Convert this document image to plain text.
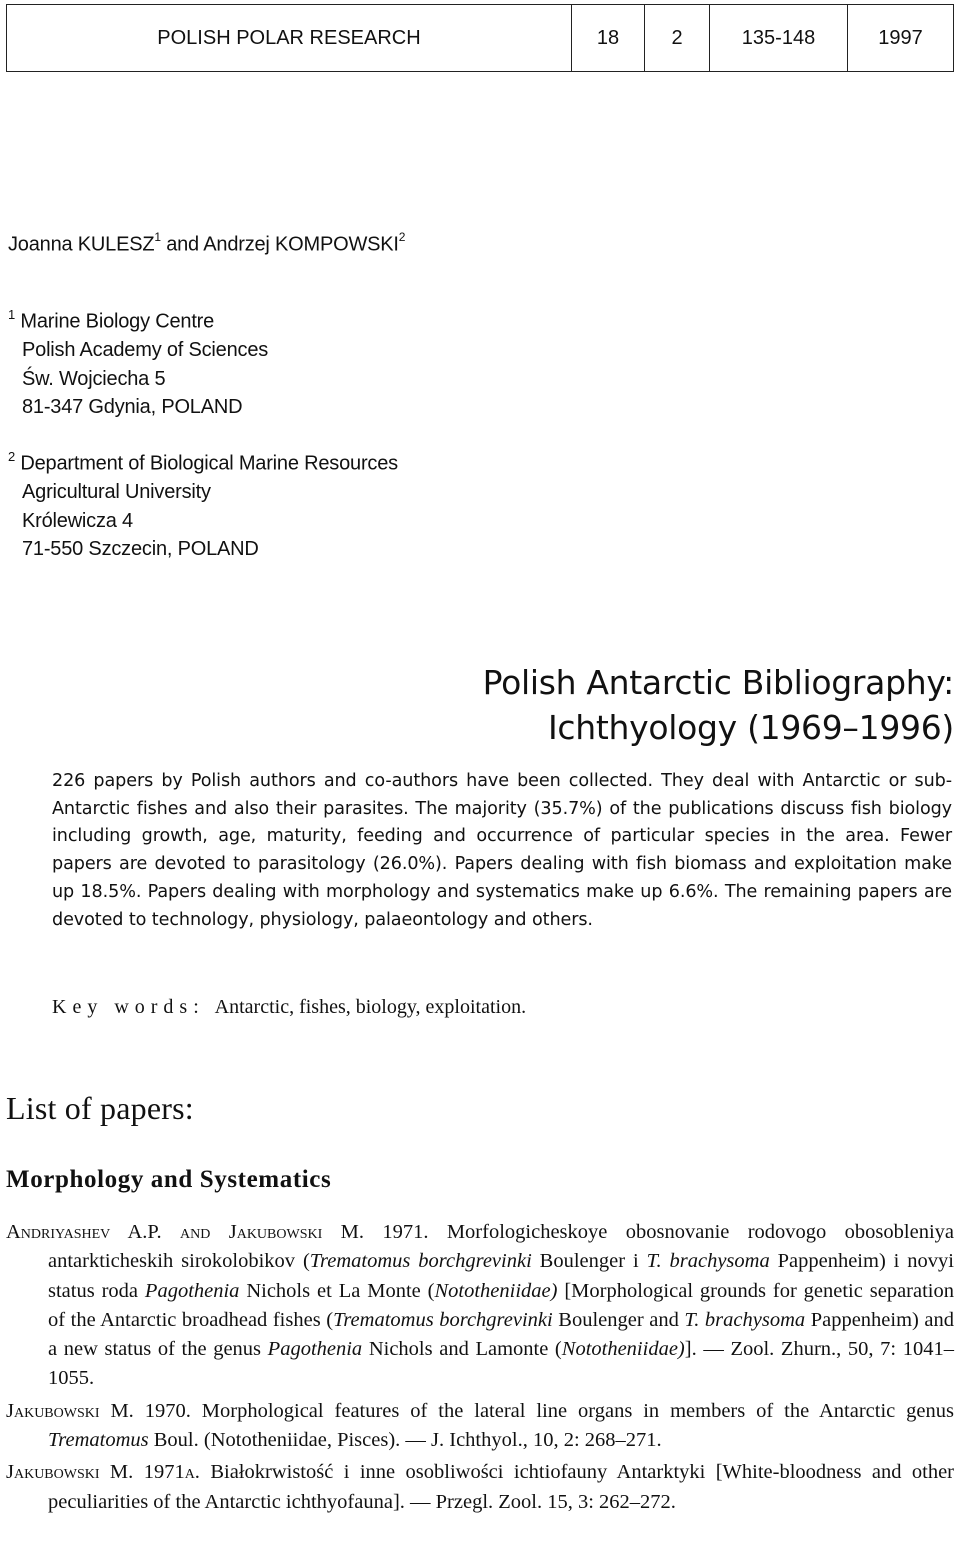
POLISH POLAR RESEARCH	18	2	135-148	1997
Joanna KULESZ$^1$ and Andrzej KOMPOWSKI$^2$
$^1$ Marine Biology Centre
Polish Academy of Sciences
Św. Wojciecha 5
81-347 Gdynia, POLAND
$^2$ Department of Biological Marine Resources
Agricultural University
Królewicza 4
71-550 Szczecin, POLAND
Polish Antarctic Bibliography:
Ichthyology (1969–1996)
226 papers by Polish authors and co-authors have been collected. They deal with Antarctic or sub-Antarctic fishes and also their parasites. The majority (35.7%) of the publications discuss fish biology including growth, age, maturity, feeding and occurrence of particular species in the area. Fewer papers are devoted to parasitology (26.0%). Papers dealing with fish biomass and exploitation make up 18.5%. Papers dealing with morphology and systematics make up 6.6%. The remaining papers are devoted to technology, physiology, palaeontology and others.
Key words: Antarctic, fishes, biology, exploitation.
List of papers:
Morphology and Systematics

Andriyashev A.P. and Jakubowski M. 1971. Morfologicheskoye obosnovanie rodovogo obosobleniya antarkticheskih sirokolobikov (Trematomus borchgrevinki Boulenger i T. brachysoma Pappenheim) i novyi status roda Pagothenia Nichols et La Monte (Nototheniidae) [Morphological grounds for genetic separation of the Antarctic broadhead fishes (Trematomus borchgrevinki Boulenger and T. brachysoma Pappenheim) and a new status of the genus Pagothenia Nichols and Lamonte (Nototheniidae)]. — Zool. Zhurn., 50, 7: 1041–1055.

Jakubowski M. 1970. Morphological features of the lateral line organs in members of the Antarctic genus Trematomus Boul. (Nototheniidae, Pisces). — J. Ichthyol., 10, 2: 268–271.

Jakubowski M. 1971a. Białokrwistość i inne osobliwości ichtiofauny Antarktyki [White-bloodness and other peculiarities of the Antarctic ichthyofauna]. — Przegl. Zool. 15, 3: 262–272.
